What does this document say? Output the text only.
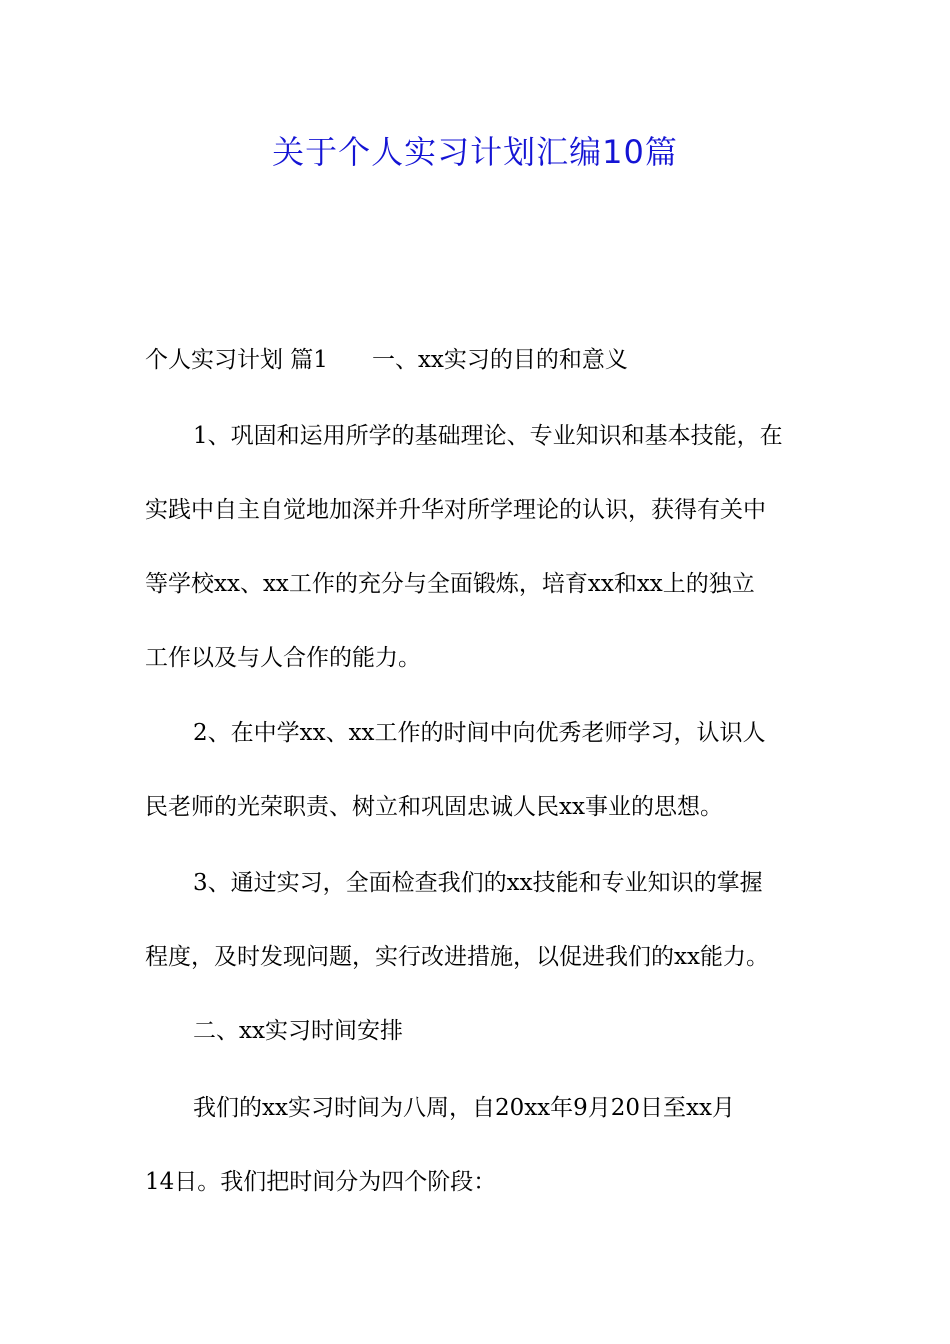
关于个人实习计划汇编10篇
个人实习计划 篇1 一、xx实习的目的和意义
1、巩固和运用所学的基础理论、专业知识和基本技能，在
实践中自主自觉地加深并升华对所学理论的认识，获得有关中
等学校xx、xx工作的充分与全面锻炼，培育xx和xx上的独立
工作以及与人合作的能力。
2、在中学xx、xx工作的时间中向优秀老师学习，认识人
民老师的光荣职责、树立和巩固忠诚人民xx事业的思想。
3、通过实习，全面检查我们的xx技能和专业知识的掌握
程度，及时发现问题，实行改进措施，以促进我们的xx能力。
二、xx实习时间安排
我们的xx实习时间为八周，自20xx年9月20日至xx月
14日。我们把时间分为四个阶段：
